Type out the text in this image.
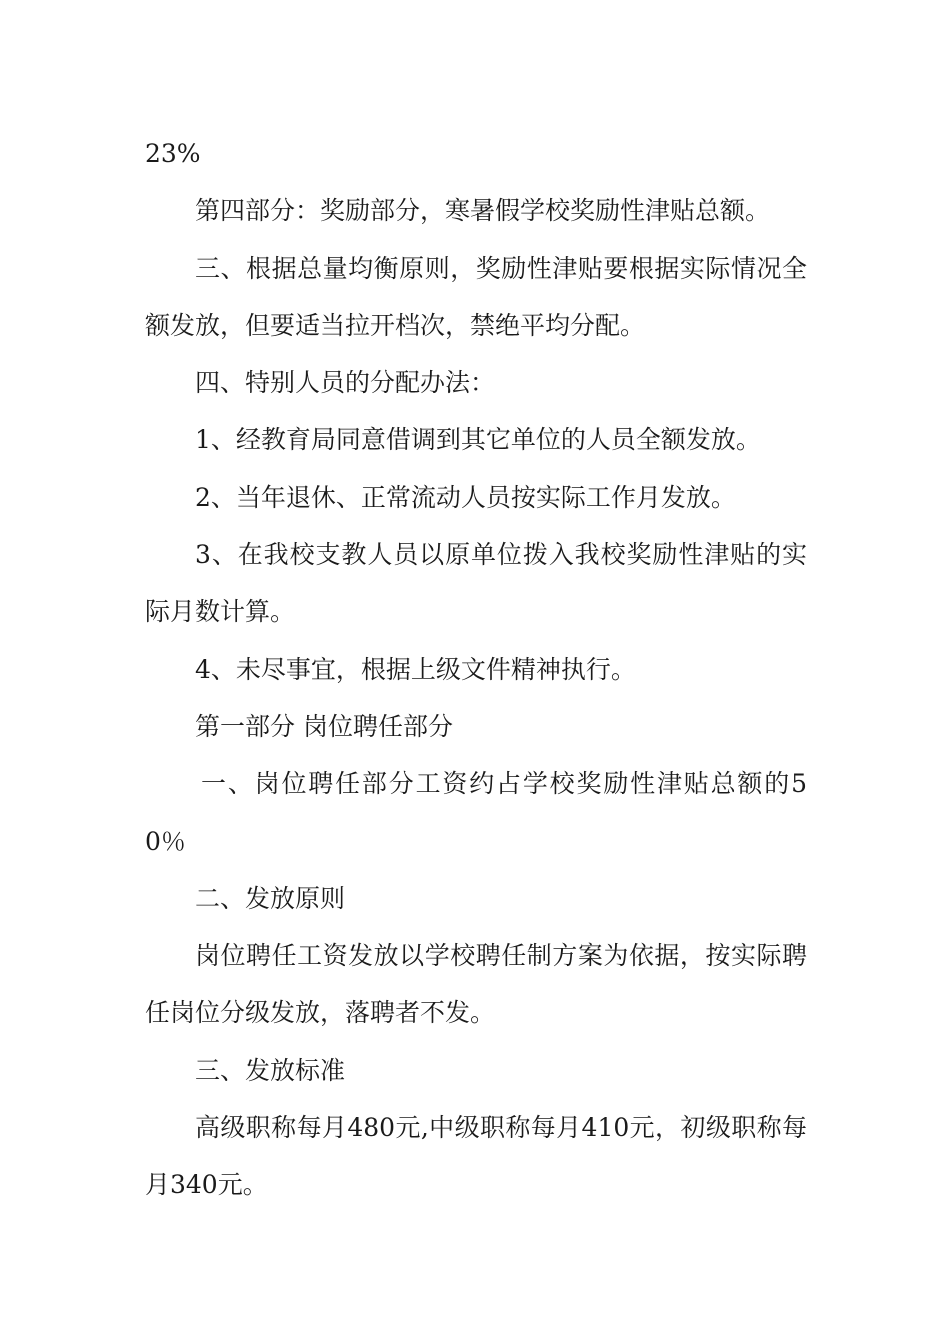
23%

第四部分：奖励部分，寒暑假学校奖励性津贴总额。

三、根据总量均衡原则，奖励性津贴要根据实际情况全额发放，但要适当拉开档次，禁绝平均分配。

四、特别人员的分配办法：

1、经教育局同意借调到其它单位的人员全额发放。

2、当年退休、正常流动人员按实际工作月发放。

3、在我校支教人员以原单位拨入我校奖励性津贴的实际月数计算。

4、未尽事宜，根据上级文件精神执行。

第一部分 岗位聘任部分

一、岗位聘任部分工资约占学校奖励性津贴总额的50％

二、发放原则

岗位聘任工资发放以学校聘任制方案为依据，按实际聘任岗位分级发放，落聘者不发。

三、发放标准

高级职称每月480元,中级职称每月410元，初级职称每月340元。
